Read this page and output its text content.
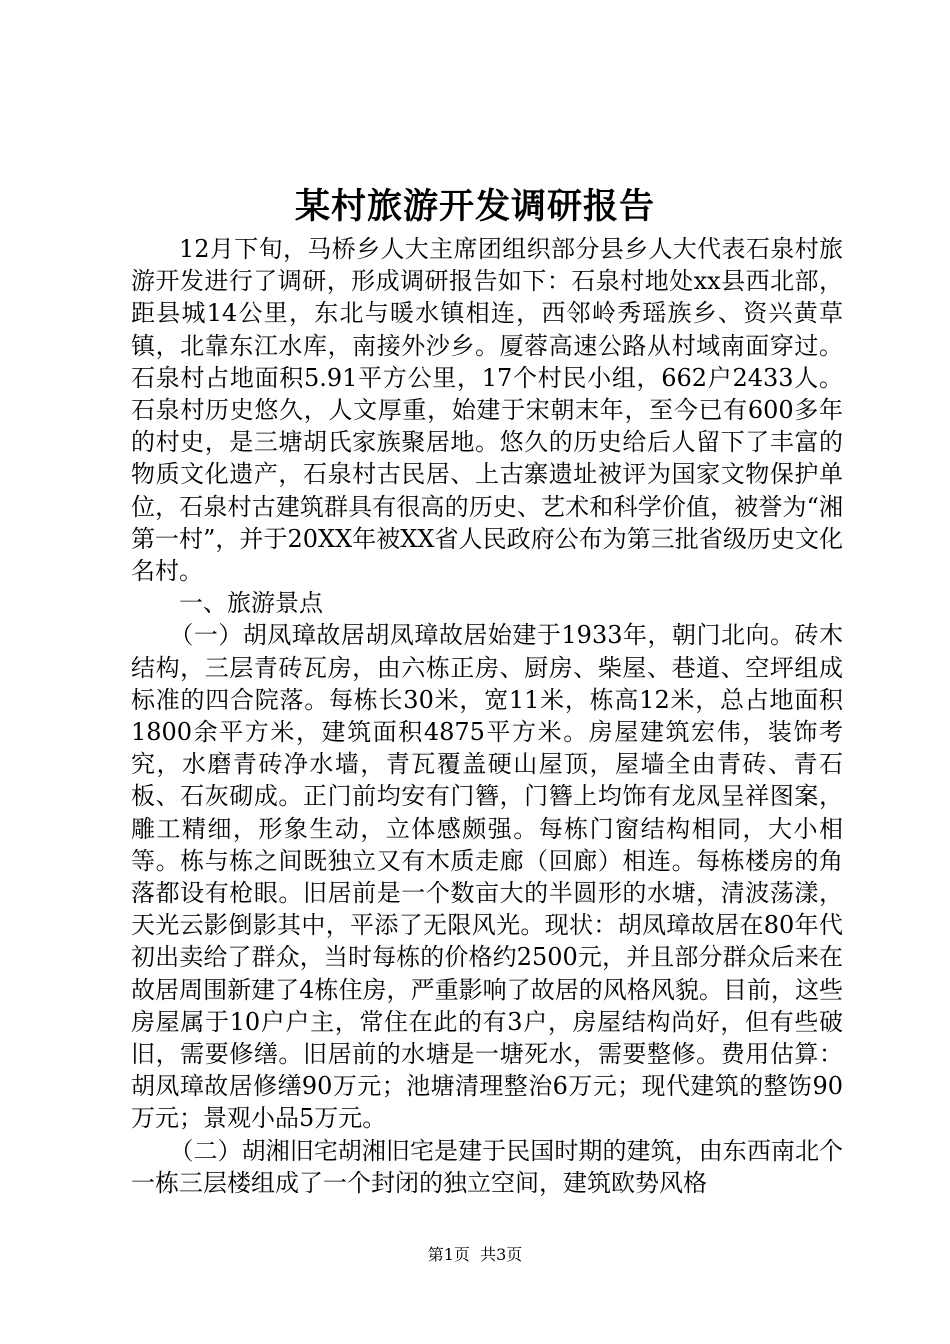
某村旅游开发调研报告

12月下旬，马桥乡人大主席团组织部分县乡人大代表石泉村旅游开发进行了调研，形成调研报告如下：石泉村地处xx县西北部，距县城14公里，东北与暖水镇相连，西邻岭秀瑶族乡、资兴黄草镇，北靠东江水库，南接外沙乡。厦蓉高速公路从村域南面穿过。石泉村占地面积5.91平方公里，17个村民小组，662户2433人。石泉村历史悠久，人文厚重，始建于宋朝末年，至今已有600多年的村史，是三塘胡氏家族聚居地。悠久的历史给后人留下了丰富的物质文化遗产，石泉村古民居、上古寨遗址被评为国家文物保护单位，石泉村古建筑群具有很高的历史、艺术和科学价值，被誉为“湘第一村”，并于20XX年被XX省人民政府公布为第三批省级历史文化名村。

一、旅游景点

（一）胡凤璋故居胡凤璋故居始建于1933年，朝门北向。砖木结构，三层青砖瓦房，由六栋正房、厨房、柴屋、巷道、空坪组成标准的四合院落。每栋长30米，宽11米，栋高12米，总占地面积1800余平方米，建筑面积4875平方米。房屋建筑宏伟，装饰考究，水磨青砖净水墙，青瓦覆盖硬山屋顶，屋墙全由青砖、青石板、石灰砌成。正门前均安有门簪，门簪上均饰有龙凤呈祥图案，雕工精细，形象生动，立体感颇强。每栋门窗结构相同，大小相等。栋与栋之间既独立又有木质走廊（回廊）相连。每栋楼房的角落都设有枪眼。旧居前是一个数亩大的半圆形的水塘，清波荡漾，天光云影倒影其中，平添了无限风光。现状：胡凤璋故居在80年代初出卖给了群众，当时每栋的价格约2500元，并且部分群众后来在故居周围新建了4栋住房，严重影响了故居的风格风貌。目前，这些房屋属于10户户主，常住在此的有3户，房屋结构尚好，但有些破旧，需要修缮。旧居前的水塘是一塘死水，需要整修。费用估算：胡凤璋故居修缮90万元；池塘清理整治6万元；现代建筑的整饬90万元；景观小品5万元。

（二）胡湘旧宅胡湘旧宅是建于民国时期的建筑，由东西南北个一栋三层楼组成了一个封闭的独立空间，建筑欧势风格

第1页  共3页
